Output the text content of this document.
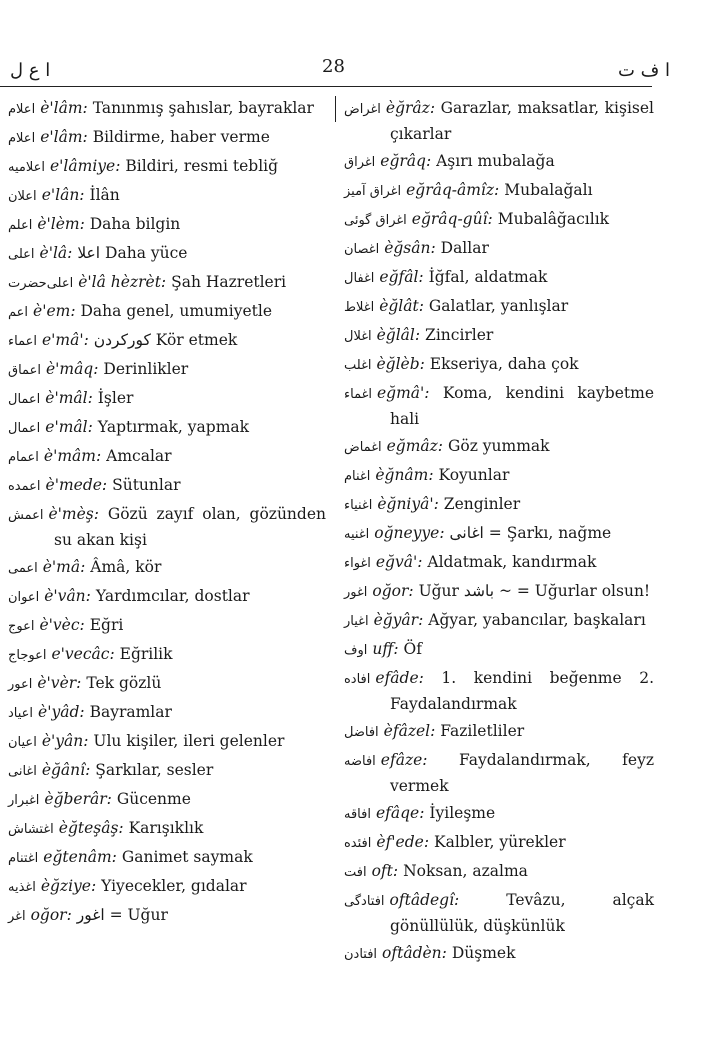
ا ع ل	28	ا ف ت
اعلام è'lâm: Tanınmış şahıslar, bayraklar
اعلام e'lâm: Bildirme, haber verme
اعلاميه e'lâmiye: Bildiri, resmi tebliğ
اعلان e'lân: İlân
اعلم è'lèm: Daha bilgin
اعلى è'lâ: اعلا Daha yüce
اعلى‌حضرت è'lâ hèzrèt: Şah Hazretleri
اعم è'em: Daha genel, umumiyetle
اعماء e'mâ': كوركردن Kör etmek
اعماق è'mâq: Derinlikler
اعمال è'mâl: İşler
اعمال e'mâl: Yaptırmak, yapmak
اعمام è'mâm: Amcalar
اعمده è'mede: Sütunlar
اعمش è'mèş: Gözü zayıf olan, gözünden su akan kişi
اعمى è'mâ: Âmâ, kör
اعوان è'vân: Yardımcılar, dostlar
اعوج è'vèc: Eğri
اعوجاج e'vecâc: Eğrilik
اعور è'vèr: Tek gözlü
اعياد è'yâd: Bayramlar
اعيان è'yân: Ulu kişiler, ileri gelenler
اغانى èğânî: Şarkılar, sesler
اغبرار èğberâr: Gücenme
اغتشاش èğteşâş: Karışıklık
اغتنام eğtenâm: Ganimet saymak
اغذيه èğziye: Yiyecekler, gıdalar
اغر oğor: اغور = Uğur
اغراض èğrâz: Garazlar, maksatlar, kişisel çıkarlar
اغراق eğrâq: Aşırı mubalağa
اغراق آمیز eğrâq-âmîz: Mubalağalı
اغراق گوئى eğrâq-gûî: Mubalâğacılık
اغصان èğsân: Dallar
اغفال eğfâl: İğfal, aldatmak
اغلاط èğlât: Galatlar, yanlışlar
اغلال èğlâl: Zincirler
اغلب èğlèb: Ekseriya, daha çok
اغماء eğmâ': Koma, kendini kaybetme hali
اغماض eğmâz: Göz yummak
اغنام èğnâm: Koyunlar
اغنياء èğniyâ': Zenginler
اغنيه oğneyye: اغانى = Şarkı, nağme
اغواء eğvâ': Aldatmak, kandırmak
اغور oğor: Uğur باشد ~ = Uğurlar olsun!
اغيار èğyâr: Ağyar, yabancılar, başkaları
اوف uff: Öf
افاده efâde: 1. kendini beğenme 2. Faydalandırmak
افاضل èfâzel: Faziletliler
افاضه efâze: Faydalandırmak, feyz vermek
افاقه efâqe: İyileşme
افئده èf'ede: Kalbler, yürekler
افت oft: Noksan, azalma
افتادگى oftâdegî:	Tevâzu, alçak gönüllülük, düşkünlük
افتادن oftâdèn: Düşmek
